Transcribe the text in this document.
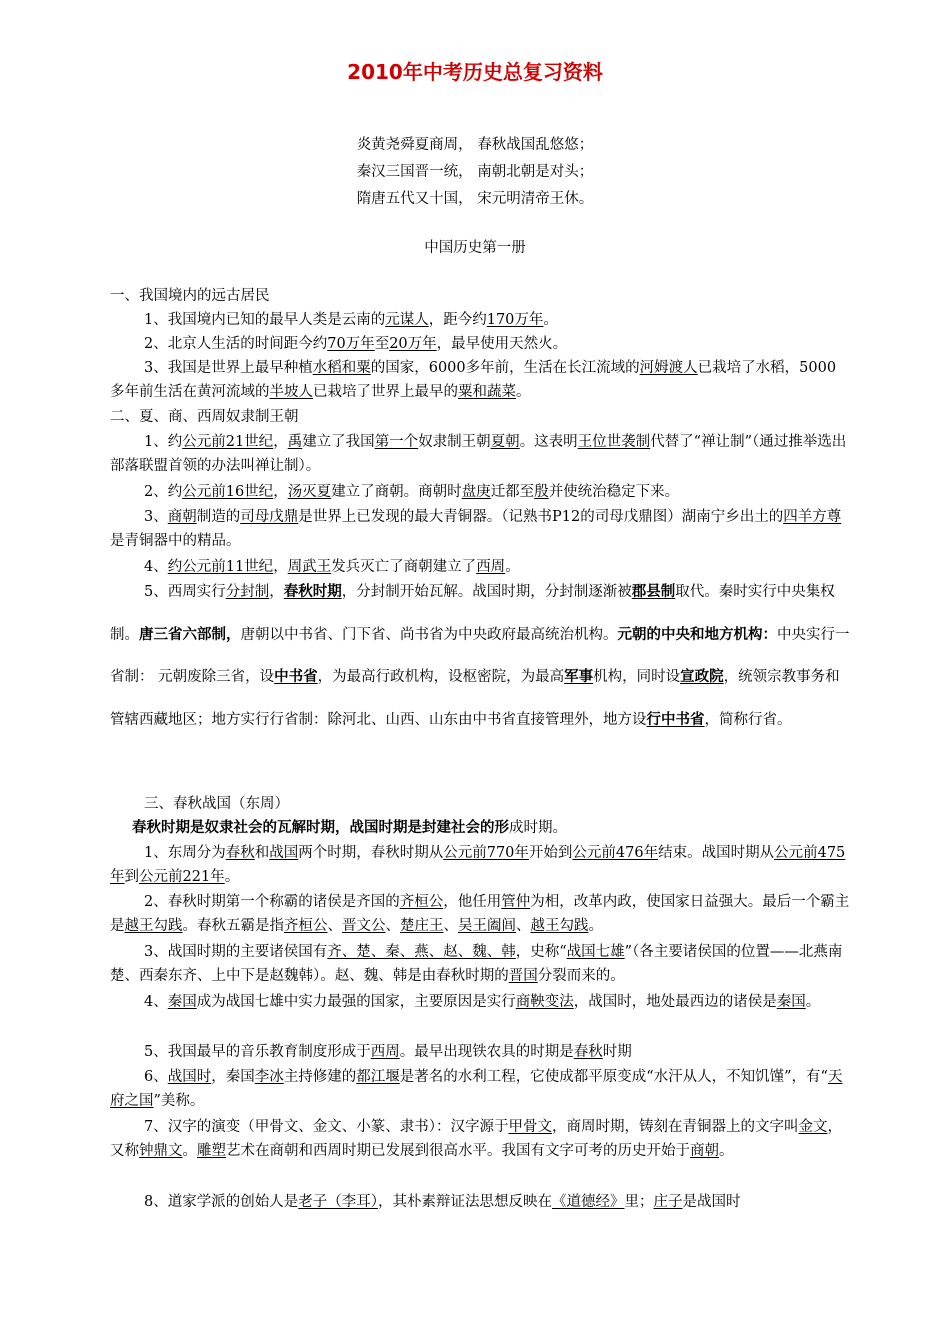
2010年中考历史总复习资料
炎黄尧舜夏商周， 春秋战国乱悠悠；
秦汉三国晋一统， 南朝北朝是对头；
隋唐五代又十国， 宋元明清帝王休。
中国历史第一册
一、我国境内的远古居民
1、我国境内已知的最早人类是云南的元谋人，距今约170万年。
2、北京人生活的时间距今约70万年至20万年，最早使用天然火。
3、我国是世界上最早种植水稻和粟的国家，6000多年前，生活在长江流域的河姆渡人已栽培了水稻，5000多年前生活在黄河流域的半坡人已栽培了世界上最早的粟和蔬菜。
二、夏、商、西周奴隶制王朝
1、约公元前21世纪，禹建立了我国第一个奴隶制王朝夏朝。这表明王位世袭制代替了“禅让制”（通过推举选出部落联盟首领的办法叫禅让制）。
2、约公元前16世纪，汤灭夏建立了商朝。商朝时盘庚迁都至殷并使统治稳定下来。
3、商朝制造的司母戊鼎是世界上已发现的最大青铜器。（记熟书P12的司母戊鼎图）湖南宁乡出土的四羊方尊是青铜器中的精品。
4、约公元前11世纪，周武王发兵灭亡了商朝建立了西周。
5、西周实行分封制，春秋时期，分封制开始瓦解。战国时期，分封制逐渐被郡县制取代。秦时实行中央集权制。唐三省六部制，唐朝以中书省、门下省、尚书省为中央政府最高统治机构。元朝的中央和地方机构：中央实行一省制： 元朝废除三省，设中书省，为最高行政机构，设枢密院，为最高军事机构，同时设宣政院，统领宗教事务和管辖西藏地区；地方实行行省制：除河北、山西、山东由中书省直接管理外，地方设行中书省，简称行省。
三、春秋战国（东周）
春秋时期是奴隶社会的瓦解时期，战国时期是封建社会的形成时期。
1、东周分为春秋和战国两个时期，春秋时期从公元前770年开始到公元前476年结束。战国时期从公元前475年到公元前221年。
2、春秋时期第一个称霸的诸侯是齐国的齐桓公，他任用管仲为相，改革内政，使国家日益强大。最后一个霸主是越王勾践。春秋五霸是指齐桓公、晋文公、楚庄王、吴王阖闾、越王勾践。
3、战国时期的主要诸侯国有齐、楚、秦、燕、赵、魏、韩，史称“战国七雄”（各主要诸侯国的位置——北燕南楚、西秦东齐、上中下是赵魏韩）。赵、魏、韩是由春秋时期的晋国分裂而来的。
4、秦国成为战国七雄中实力最强的国家，主要原因是实行商鞅变法，战国时，地处最西边的诸侯是秦国。
5、我国最早的音乐教育制度形成于西周。最早出现铁农具的时期是春秋时期
6、战国时，秦国李冰主持修建的都江堰是著名的水利工程，它使成都平原变成“水汗从人，不知饥馑”，有“天府之国”美称。
7、汉字的演变（甲骨文、金文、小篆、隶书）：汉字源于甲骨文，商周时期，铸刻在青铜器上的文字叫金文，又称钟鼎文。雕塑艺术在商朝和西周时期已发展到很高水平。我国有文字可考的历史开始于商朝。
8、道家学派的创始人是老子（李耳），其朴素辩证法思想反映在《道德经》里；庄子是战国时
